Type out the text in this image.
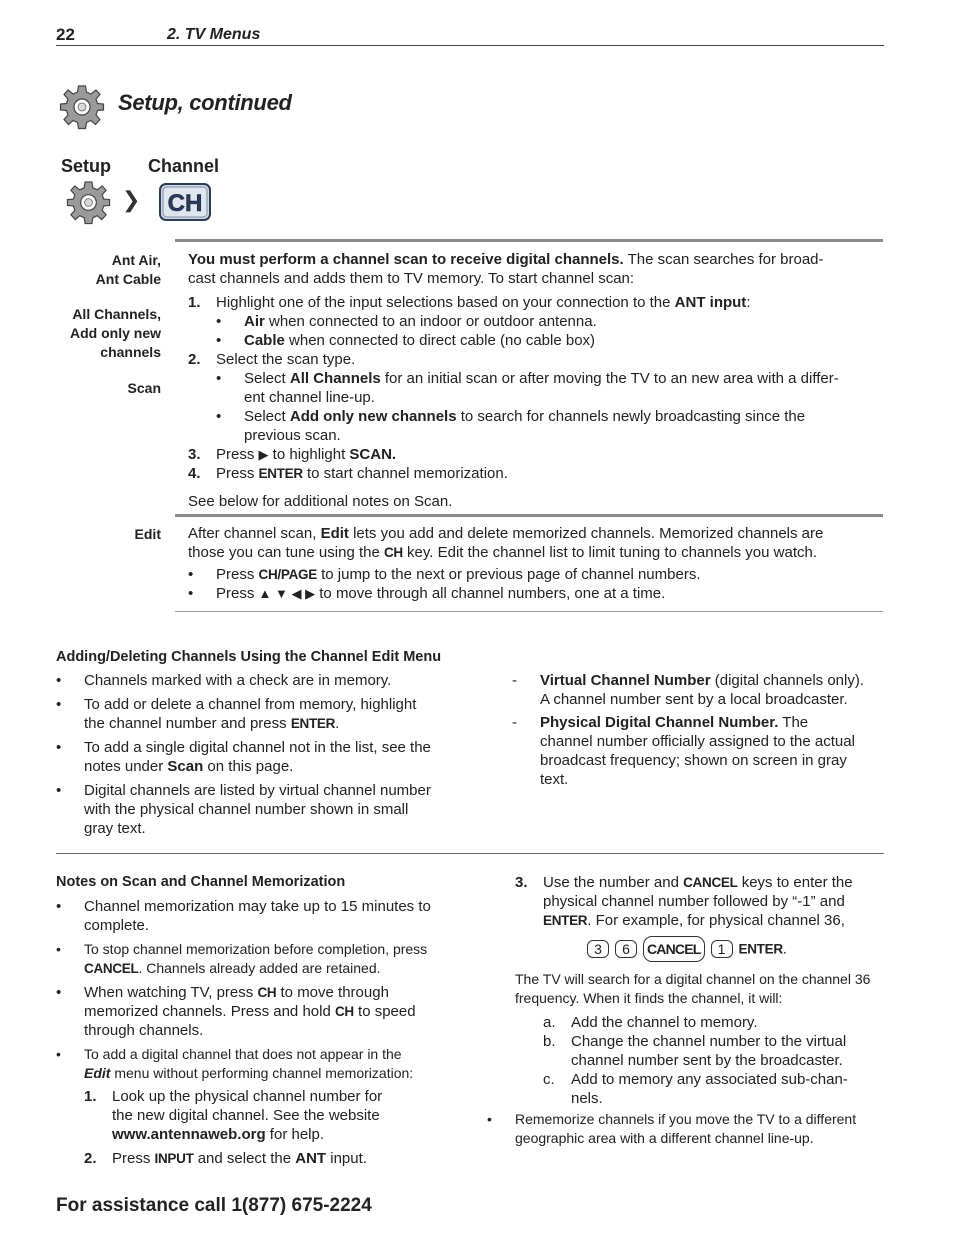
22	2. TV Menus
Setup, continued
Setup Channel
❯ CH
Ant Air,
Ant Cable
All Channels,
Add only new
channels
Scan
Edit

You must perform a channel scan to receive digital channels. The scan searches for broad-

cast channels and adds them to TV memory. To start channel scan:

1. Highlight one of the input selections based on your connection to the ANT input:
• Air when connected to an indoor or outdoor antenna.
• Cable when connected to direct cable (no cable box)
2. Select the scan type.
• Select All Channels for an initial scan or after moving the TV to an new area with a differ-
ent channel line-up.
• Select Add only new channels to search for channels newly broadcasting since the
previous scan.
3. Press ▶ to highlight SCAN.
4. Press ENTER to start channel memorization.

See below for additional notes on Scan.

After channel scan, Edit lets you add and delete memorized channels. Memorized channels are

those you can tune using the CH key. Edit the channel list to limit tuning to channels you watch.

• Press CH/PAGE to jump to the next or previous page of channel numbers.
• Press ▲ ▼ ◀ ▶ to move through all channel numbers, one at a time.
Adding/Deleting Channels Using the Channel Edit Menu
• Channels marked with a check are in memory.
• To add or delete a channel from memory, highlight
the channel number and press ENTER.
• To add a single digital channel not in the list, see the
notes under Scan on this page.
• Digital channels are listed by virtual channel number
with the physical channel number shown in small
gray text.
- Virtual Channel Number (digital channels only).
A channel number sent by a local broadcaster.
- Physical Digital Channel Number. The
channel number officially assigned to the actual
broadcast frequency; shown on screen in gray
text.
Notes on Scan and Channel Memorization
• Channel memorization may take up to 15 minutes to
complete.
• To stop channel memorization before completion, press
CANCEL. Channels already added are retained.
• When watching TV, press CH to move through
memorized channels. Press and hold CH to speed
through channels.
• To add a digital channel that does not appear in the
Edit menu without performing channel memorization:
1. Look up the physical channel number for
the new digital channel. See the website
www.antennaweb.org for help.
2. Press INPUT and select the ANT input.
3. Use the number and CANCEL keys to enter the
physical channel number followed by “-1” and
ENTER. For example, for physical channel 36,
3 6 CANCEL 1 ENTER.

The TV will search for a digital channel on the channel 36
frequency. When it finds the channel, it will:

a. Add the channel to memory.
b. Change the channel number to the virtual
channel number sent by the broadcaster.
c. Add to memory any associated sub-chan-
nels.
• Rememorize channels if you move the TV to a different
geographic area with a different channel line-up.
For assistance call 1(877) 675-2224
